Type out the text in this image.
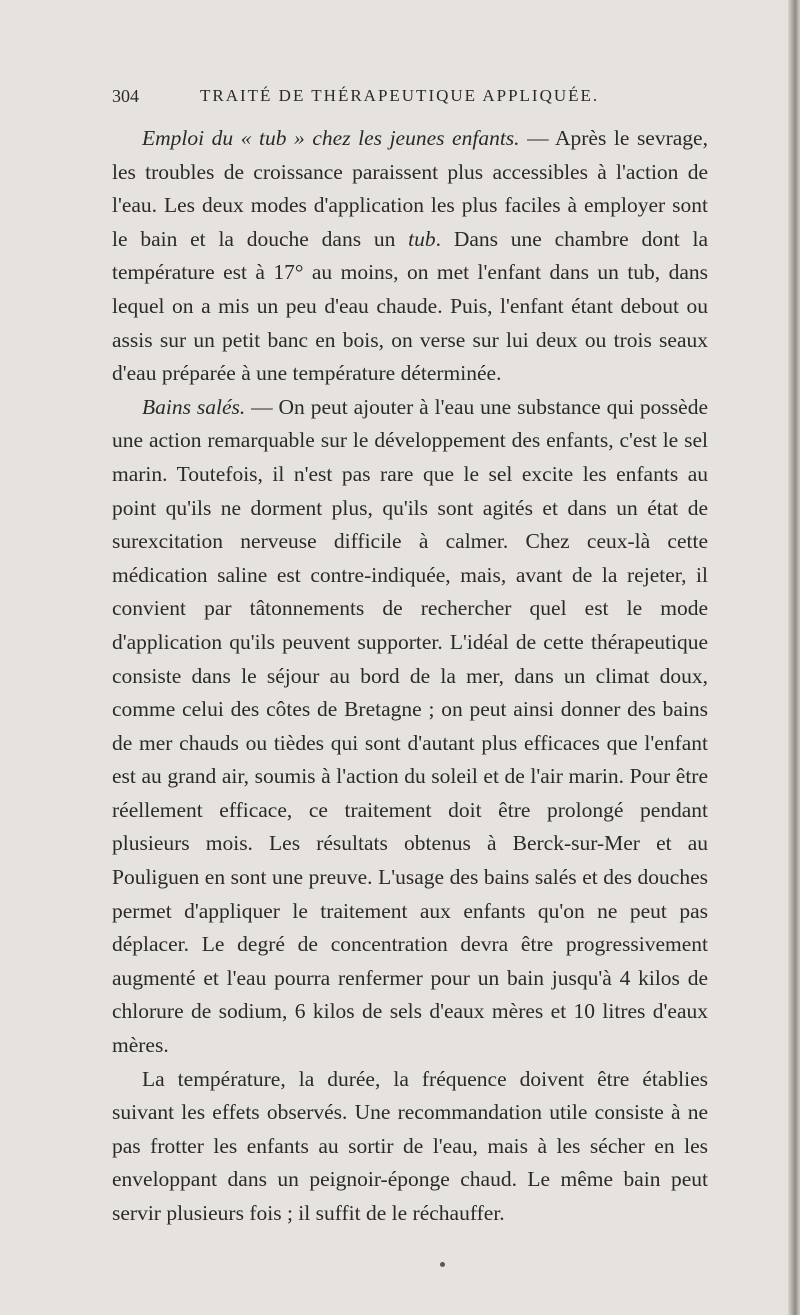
304	TRAITÉ DE THÉRAPEUTIQUE APPLIQUÉE.

Emploi du « tub » chez les jeunes enfants. — Après le sevrage, les troubles de croissance paraissent plus accessibles à l'action de l'eau. Les deux modes d'application les plus faciles à employer sont le bain et la douche dans un tub. Dans une chambre dont la température est à 17° au moins, on met l'enfant dans un tub, dans lequel on a mis un peu d'eau chaude. Puis, l'enfant étant debout ou assis sur un petit banc en bois, on verse sur lui deux ou trois seaux d'eau préparée à une température déterminée.

Bains salés. — On peut ajouter à l'eau une substance qui possède une action remarquable sur le développement des enfants, c'est le sel marin. Toutefois, il n'est pas rare que le sel excite les enfants au point qu'ils ne dorment plus, qu'ils sont agités et dans un état de surexcitation nerveuse difficile à calmer. Chez ceux-là cette médication saline est contre-indiquée, mais, avant de la rejeter, il convient par tâtonnements de rechercher quel est le mode d'application qu'ils peuvent supporter. L'idéal de cette thérapeutique consiste dans le séjour au bord de la mer, dans un climat doux, comme celui des côtes de Bretagne ; on peut ainsi donner des bains de mer chauds ou tièdes qui sont d'autant plus efficaces que l'enfant est au grand air, soumis à l'action du soleil et de l'air marin. Pour être réellement efficace, ce traitement doit être prolongé pendant plusieurs mois. Les résultats obtenus à Berck-sur-Mer et au Pouliguen en sont une preuve. L'usage des bains salés et des douches permet d'appliquer le traitement aux enfants qu'on ne peut pas déplacer. Le degré de concentration devra être progressivement augmenté et l'eau pourra renfermer pour un bain jusqu'à 4 kilos de chlorure de sodium, 6 kilos de sels d'eaux mères et 10 litres d'eaux mères.

La température, la durée, la fréquence doivent être établies suivant les effets observés. Une recommandation utile consiste à ne pas frotter les enfants au sortir de l'eau, mais à les sécher en les enveloppant dans un peignoir-éponge chaud. Le même bain peut servir plusieurs fois ; il suffit de le réchauffer.
